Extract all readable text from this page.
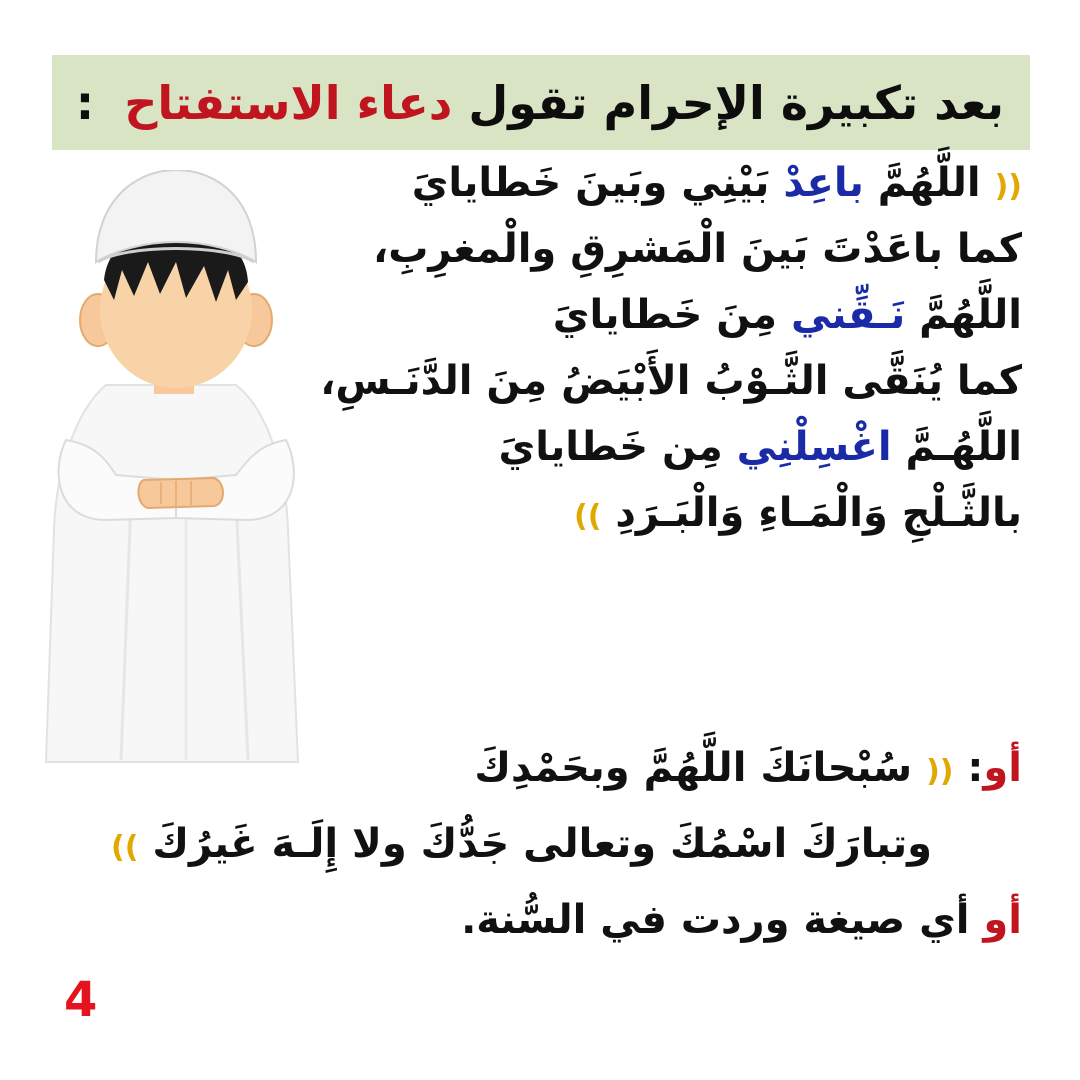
بعد تكبيرة الإحرام تقول دعاء الاستفتاح :
(( اللَّهُمَّ باعِدْ بَيْنِي وبَينَ خَطايايَ
كما باعَدْتَ بَينَ الْمَشرِقِ والْمغرِبِ،
اللَّهُمَّ نَـقِّني مِنَ خَطايايَ
كما يُنَقَّى الثَّـوْبُ الأَبْيَضُ مِنَ الدَّنَـسِ،
اللَّهُـمَّ اغْسِلْنِي مِن خَطايايَ
بالثَّـلْجِ وَالْمَـاءِ وَالْبَـرَدِ ))
أو: (( سُبْحانَكَ اللَّهُمَّ وبحَمْدِكَ
وتبارَكَ اسْمُكَ وتعالى جَدُّكَ ولا إِلَـهَ غَيرُكَ ))
أو أي صيغة وردت في السُّنة.
4
